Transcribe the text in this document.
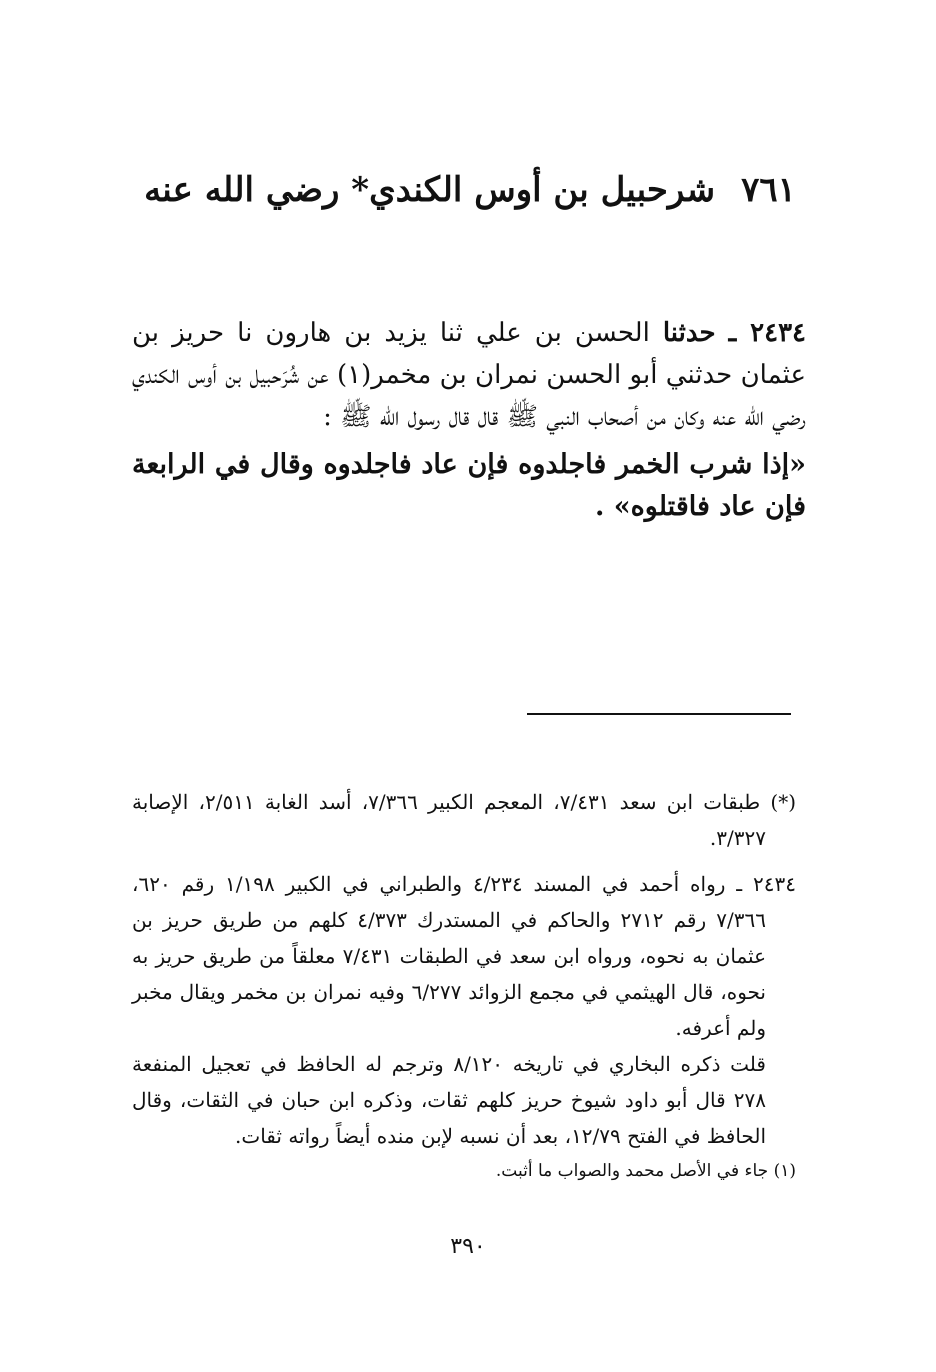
٧٦١شرحبيل بن أوس الكندي* رضي الله عنه

٢٤٣٤ ـ حدثنا الحسن بن علي ثنا يزيد بن هارون نا حريز بن عثمان حدثني أبو الحسن نمران بن مخمر(١) عن شُرَحبيل بن أوس الكندي رضي الله عنه وكان من أصحاب النبي ﷺ قال قال رسول الله ﷺ :

«إذا شرب الخمر فاجلدوه فإن عاد فاجلدوه وقال في الرابعة فإن عاد فاقتلوه» .

(*) طبقات ابن سعد ٧/٤٣١، المعجم الكبير ٧/٣٦٦، أسد الغابة ٢/٥١١، الإصابة ٣/٣٢٧.

٢٤٣٤ ـ رواه أحمد في المسند ٤/٢٣٤ والطبراني في الكبير ١/١٩٨ رقم ٦٢٠، ٧/٣٦٦ رقم ٢٧١٢ والحاكم في المستدرك ٤/٣٧٣ كلهم من طريق حريز بن عثمان به نحوه، ورواه ابن سعد في الطبقات ٧/٤٣١ معلقاً من طريق حريز به نحوه، قال الهيثمي في مجمع الزوائد ٦/٢٧٧ وفيه نمران بن مخمر ويقال مخبر ولم أعرفه.

قلت ذكره البخاري في تاريخه ٨/١٢٠ وترجم له الحافظ في تعجيل المنفعة ٢٧٨ قال أبو داود شيوخ حريز كلهم ثقات، وذكره ابن حبان في الثقات، وقال الحافظ في الفتح ١٢/٧٩، بعد أن نسبه لإبن منده أيضاً رواته ثقات.

(١) جاء في الأصل محمد والصواب ما أثبت.

٣٩٠
